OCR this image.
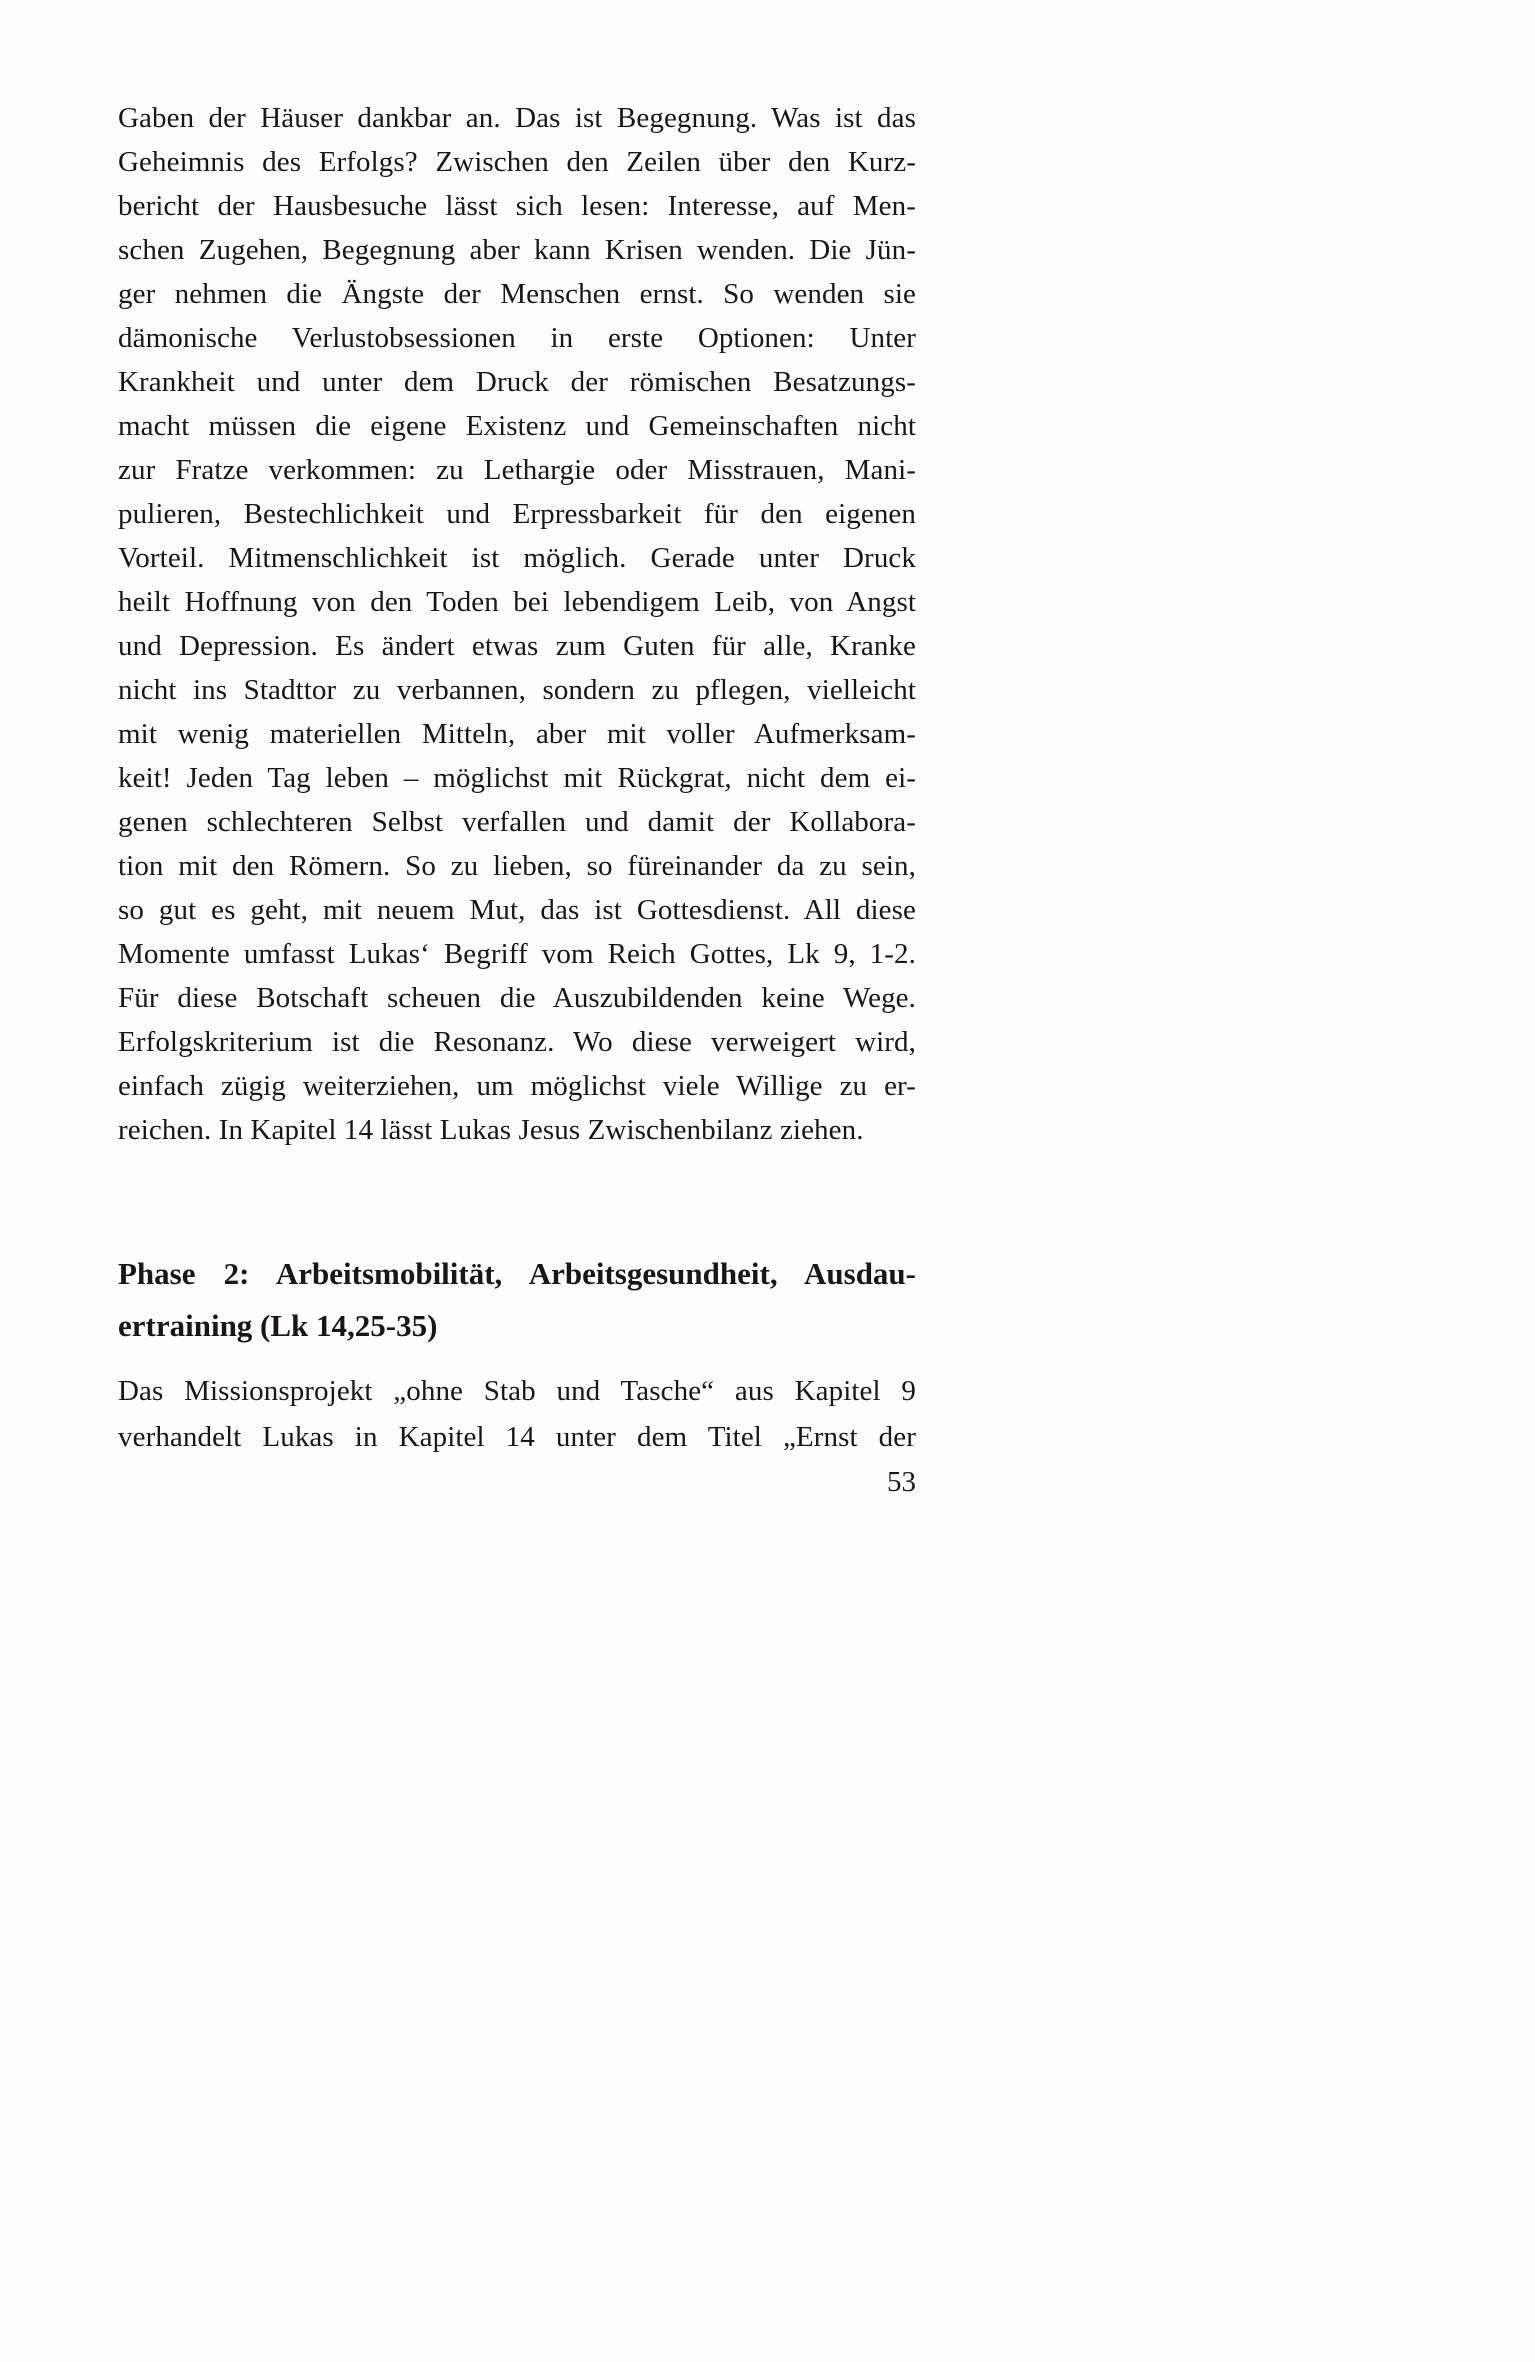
Gaben der Häuser dankbar an. Das ist Begegnung. Was ist das
Geheimnis des Erfolgs? Zwischen den Zeilen über den Kurz-
bericht der Hausbesuche lässt sich lesen: Interesse, auf Men-
schen Zugehen, Begegnung aber kann Krisen wenden. Die Jün-
ger nehmen die Ängste der Menschen ernst. So wenden sie
dämonische Verlustobsessionen in erste Optionen: Unter
Krankheit und unter dem Druck der römischen Besatzungs-
macht müssen die eigene Existenz und Gemeinschaften nicht
zur Fratze verkommen: zu Lethargie oder Misstrauen, Mani-
pulieren, Bestechlichkeit und Erpressbarkeit für den eigenen
Vorteil. Mitmenschlichkeit ist möglich. Gerade unter Druck
heilt Hoffnung von den Toden bei lebendigem Leib, von Angst
und Depression. Es ändert etwas zum Guten für alle, Kranke
nicht ins Stadttor zu verbannen, sondern zu pflegen, vielleicht
mit wenig materiellen Mitteln, aber mit voller Aufmerksam-
keit! Jeden Tag leben – möglichst mit Rückgrat, nicht dem ei-
genen schlechteren Selbst verfallen und damit der Kollabora-
tion mit den Römern. So zu lieben, so füreinander da zu sein,
so gut es geht, mit neuem Mut, das ist Gottesdienst. All diese
Momente umfasst Lukas‘ Begriff vom Reich Gottes, Lk 9, 1-2.
Für diese Botschaft scheuen die Auszubildenden keine Wege.
Erfolgskriterium ist die Resonanz. Wo diese verweigert wird,
einfach zügig weiterziehen, um möglichst viele Willige zu er-
reichen. In Kapitel 14 lässt Lukas Jesus Zwischenbilanz ziehen.
Phase 2: Arbeitsmobilität, Arbeitsgesundheit, Ausdau-
ertraining (Lk 14,25-35)
Das Missionsprojekt „ohne Stab und Tasche“ aus Kapitel 9
verhandelt Lukas in Kapitel 14 unter dem Titel „Ernst der
53
